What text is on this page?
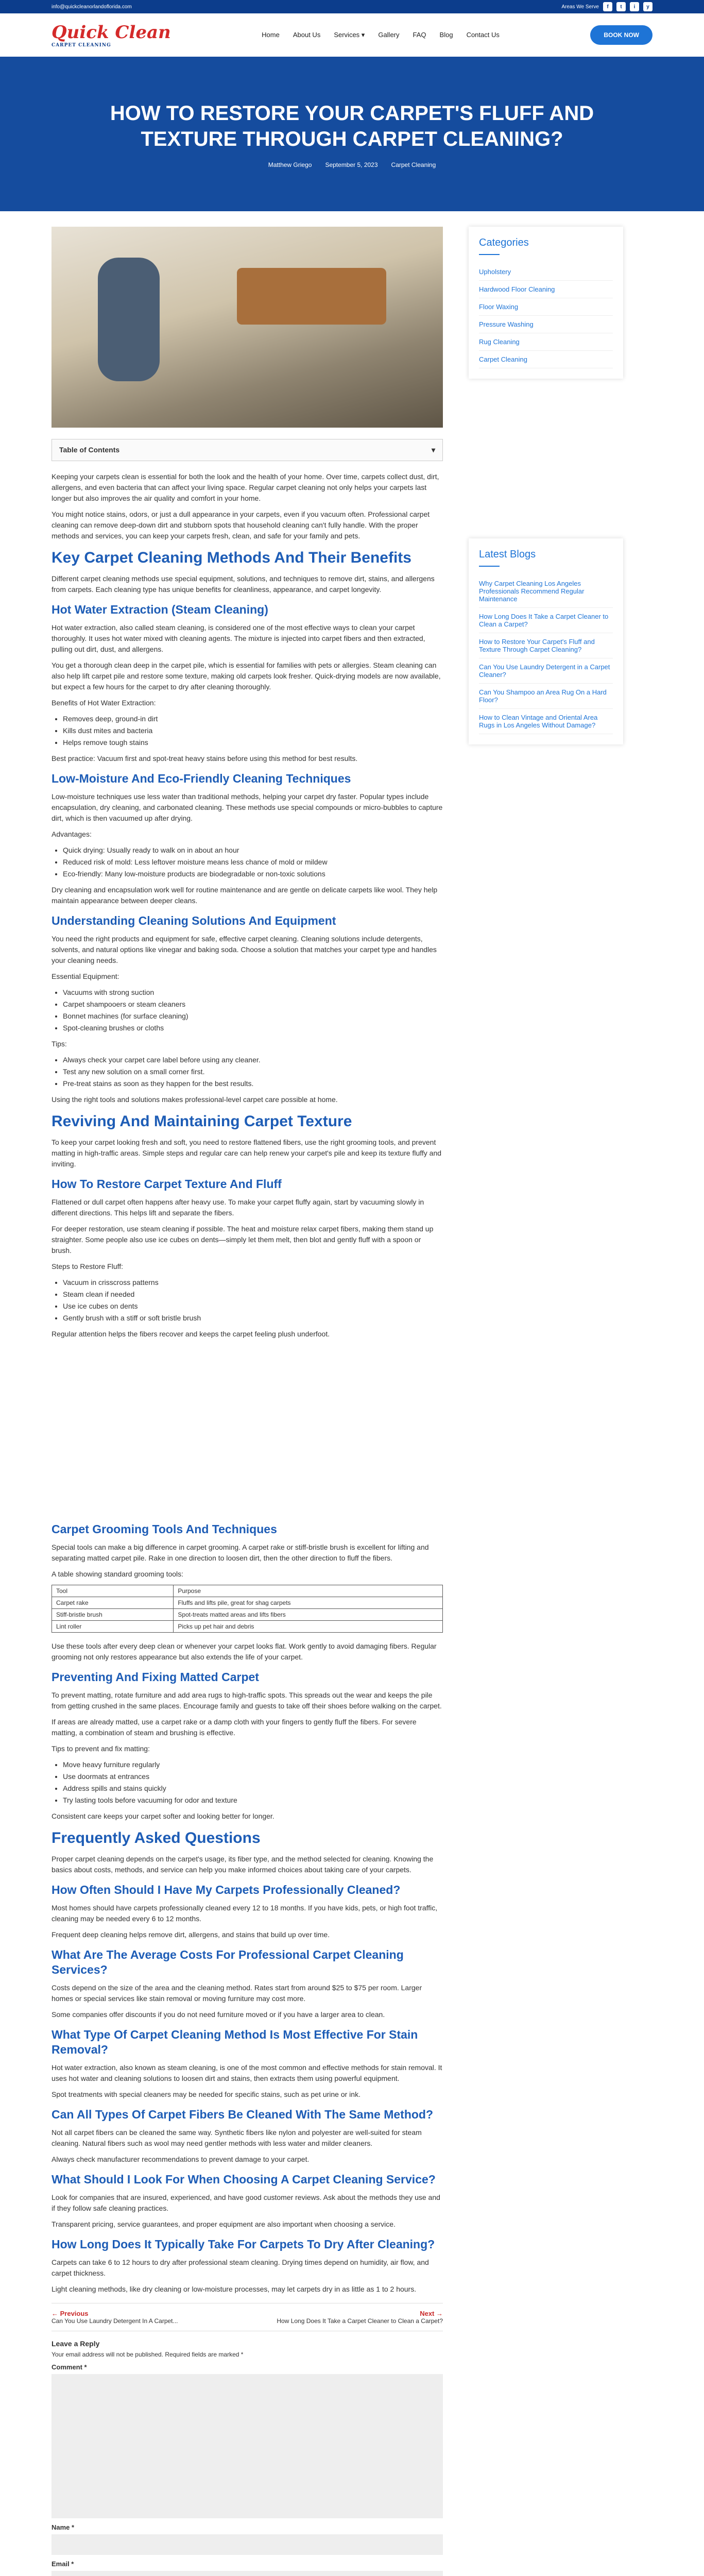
info@quickcleanorlandoflorida.com	Areas We Serve	f	t	i	y
Quick Clean
CARPET CLEANING
Home About Us Services ▾ Gallery FAQ Blog Contact Us	BOOK NOW
HOW TO RESTORE YOUR CARPET'S FLUFF AND TEXTURE THROUGH CARPET CLEANING?
Matthew Griego September 5, 2023 Carpet Cleaning
Table of Contents	▾

Keeping your carpets clean is essential for both the look and the health of your home. Over time, carpets collect dust, dirt, allergens, and even bacteria that can affect your living space. Regular carpet cleaning not only helps your carpets last longer but also improves the air quality and comfort in your home.

You might notice stains, odors, or just a dull appearance in your carpets, even if you vacuum often. Professional carpet cleaning can remove deep-down dirt and stubborn spots that household cleaning can't fully handle. With the proper methods and services, you can keep your carpets fresh, clean, and safe for your family and pets.

Key Carpet Cleaning Methods And Their Benefits

Different carpet cleaning methods use special equipment, solutions, and techniques to remove dirt, stains, and allergens from carpets. Each cleaning type has unique benefits for cleanliness, appearance, and carpet longevity.

Hot Water Extraction (Steam Cleaning)

Hot water extraction, also called steam cleaning, is considered one of the most effective ways to clean your carpet thoroughly. It uses hot water mixed with cleaning agents. The mixture is injected into carpet fibers and then extracted, pulling out dirt, dust, and allergens.

You get a thorough clean deep in the carpet pile, which is essential for families with pets or allergies. Steam cleaning can also help lift carpet pile and restore some texture, making old carpets look fresher. Quick-drying models are now available, but expect a few hours for the carpet to dry after cleaning thoroughly.

Benefits of Hot Water Extraction:

• Removes deep, ground-in dirt
• Kills dust mites and bacteria
• Helps remove tough stains

Best practice: Vacuum first and spot-treat heavy stains before using this method for best results.

Low-Moisture And Eco-Friendly Cleaning Techniques

Low-moisture techniques use less water than traditional methods, helping your carpet dry faster. Popular types include encapsulation, dry cleaning, and carbonated cleaning. These methods use special compounds or micro-bubbles to capture dirt, which is then vacuumed up after drying.

Advantages:

• Quick drying: Usually ready to walk on in about an hour
• Reduced risk of mold: Less leftover moisture means less chance of mold or mildew
• Eco-friendly: Many low-moisture products are biodegradable or non-toxic solutions

Dry cleaning and encapsulation work well for routine maintenance and are gentle on delicate carpets like wool. They help maintain appearance between deeper cleans.

Understanding Cleaning Solutions And Equipment

You need the right products and equipment for safe, effective carpet cleaning. Cleaning solutions include detergents, solvents, and natural options like vinegar and baking soda. Choose a solution that matches your carpet type and handles your cleaning needs.

Essential Equipment:

• Vacuums with strong suction
• Carpet shampooers or steam cleaners
• Bonnet machines (for surface cleaning)
• Spot-cleaning brushes or cloths

Tips:

• Always check your carpet care label before using any cleaner.
• Test any new solution on a small corner first.
• Pre-treat stains as soon as they happen for the best results.

Using the right tools and solutions makes professional-level carpet care possible at home.

Reviving And Maintaining Carpet Texture

To keep your carpet looking fresh and soft, you need to restore flattened fibers, use the right grooming tools, and prevent matting in high-traffic areas. Simple steps and regular care can help renew your carpet's pile and keep its texture fluffy and inviting.

How To Restore Carpet Texture And Fluff

Flattened or dull carpet often happens after heavy use. To make your carpet fluffy again, start by vacuuming slowly in different directions. This helps lift and separate the fibers.

For deeper restoration, use steam cleaning if possible. The heat and moisture relax carpet fibers, making them stand up straighter. Some people also use ice cubes on dents—simply let them melt, then blot and gently fluff with a spoon or brush.

Steps to Restore Fluff:

• Vacuum in crisscross patterns
• Steam clean if needed
• Use ice cubes on dents
• Gently brush with a stiff or soft bristle brush

Regular attention helps the fibers recover and keeps the carpet feeling plush underfoot.

Carpet Grooming Tools And Techniques

Special tools can make a big difference in carpet grooming. A carpet rake or stiff-bristle brush is excellent for lifting and separating matted carpet pile. Rake in one direction to loosen dirt, then the other direction to fluff the fibers.

A table showing standard grooming tools:

Tool	Purpose
Carpet rake	Fluffs and lifts pile, great for shag carpets
Stiff-bristle brush	Spot-treats matted areas and lifts fibers
Lint roller	Picks up pet hair and debris

Use these tools after every deep clean or whenever your carpet looks flat. Work gently to avoid damaging fibers. Regular grooming not only restores appearance but also extends the life of your carpet.

Preventing And Fixing Matted Carpet

To prevent matting, rotate furniture and add area rugs to high-traffic spots. This spreads out the wear and keeps the pile from getting crushed in the same places. Encourage family and guests to take off their shoes before walking on the carpet.

If areas are already matted, use a carpet rake or a damp cloth with your fingers to gently fluff the fibers. For severe matting, a combination of steam and brushing is effective.

Tips to prevent and fix matting:

• Move heavy furniture regularly
• Use doormats at entrances
• Address spills and stains quickly
• Try lasting tools before vacuuming for odor and texture

Consistent care keeps your carpet softer and looking better for longer.

Frequently Asked Questions

Proper carpet cleaning depends on the carpet's usage, its fiber type, and the method selected for cleaning. Knowing the basics about costs, methods, and service can help you make informed choices about taking care of your carpets.

How Often Should I Have My Carpets Professionally Cleaned?

Most homes should have carpets professionally cleaned every 12 to 18 months. If you have kids, pets, or high foot traffic, cleaning may be needed every 6 to 12 months.

Frequent deep cleaning helps remove dirt, allergens, and stains that build up over time.

What Are The Average Costs For Professional Carpet Cleaning Services?

Costs depend on the size of the area and the cleaning method. Rates start from around $25 to $75 per room. Larger homes or special services like stain removal or moving furniture may cost more.

Some companies offer discounts if you do not need furniture moved or if you have a larger area to clean.

What Type Of Carpet Cleaning Method Is Most Effective For Stain Removal?

Hot water extraction, also known as steam cleaning, is one of the most common and effective methods for stain removal. It uses hot water and cleaning solutions to loosen dirt and stains, then extracts them using powerful equipment.

Spot treatments with special cleaners may be needed for specific stains, such as pet urine or ink.

Can All Types Of Carpet Fibers Be Cleaned With The Same Method?

Not all carpet fibers can be cleaned the same way. Synthetic fibers like nylon and polyester are well-suited for steam cleaning. Natural fibers such as wool may need gentler methods with less water and milder cleaners.

Always check manufacturer recommendations to prevent damage to your carpet.

What Should I Look For When Choosing A Carpet Cleaning Service?

Look for companies that are insured, experienced, and have good customer reviews. Ask about the methods they use and if they follow safe cleaning practices.

Transparent pricing, service guarantees, and proper equipment are also important when choosing a service.

How Long Does It Typically Take For Carpets To Dry After Cleaning?

Carpets can take 6 to 12 hours to dry after professional steam cleaning. Drying times depend on humidity, air flow, and carpet thickness.

Light cleaning methods, like dry cleaning or low-moisture processes, may let carpets dry in as little as 1 to 2 hours.

← Previous
Can You Use Laundry Detergent In A Carpet...
Next →
How Long Does It Take a Carpet Cleaner to Clean a Carpet?
Leave a Reply
Your email address will not be published. Required fields are marked *
Comment *
Name *
Email *
Categories
Upholstery
Hardwood Floor Cleaning
Floor Waxing
Pressure Washing
Rug Cleaning
Carpet Cleaning
Latest Blogs
Why Carpet Cleaning Los Angeles Professionals Recommend Regular Maintenance
How Long Does It Take a Carpet Cleaner to Clean a Carpet?
How to Restore Your Carpet's Fluff and Texture Through Carpet Cleaning?
Can You Use Laundry Detergent in a Carpet Cleaner?
Can You Shampoo an Area Rug On a Hard Floor?
How to Clean Vintage and Oriental Area Rugs in Los Angeles Without Damage?
